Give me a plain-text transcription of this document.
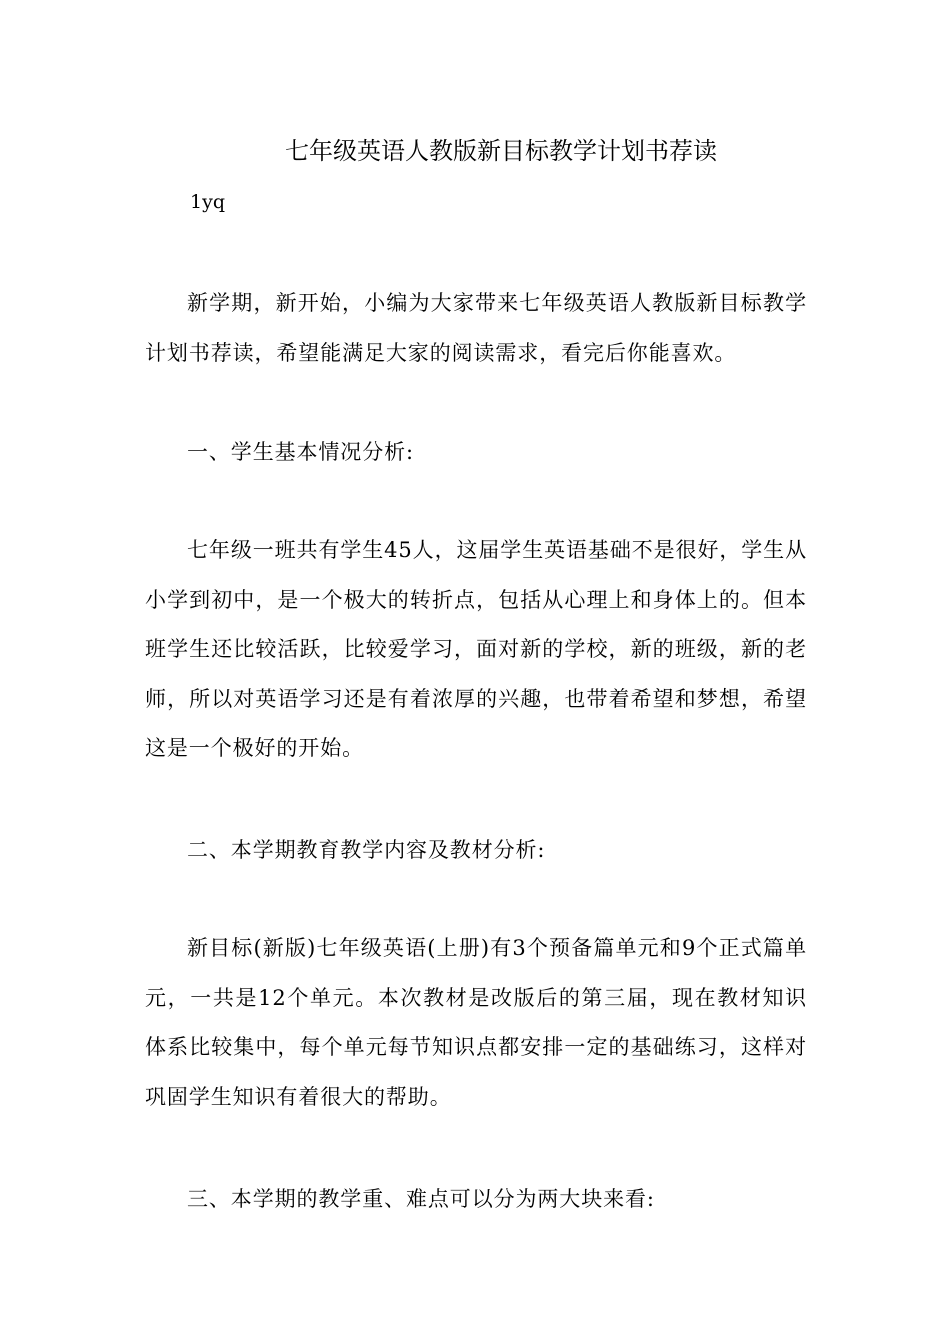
七年级英语人教版新目标教学计划书荐读
1yq

新学期，新开始，小编为大家带来七年级英语人教版新目标教学计划书荐读，希望能满足大家的阅读需求，看完后你能喜欢。

一、学生基本情况分析:

七年级一班共有学生45人，这届学生英语基础不是很好，学生从小学到初中，是一个极大的转折点，包括从心理上和身体上的。但本班学生还比较活跃，比较爱学习，面对新的学校，新的班级，新的老师，所以对英语学习还是有着浓厚的兴趣，也带着希望和梦想，希望这是一个极好的开始。

二、本学期教育教学内容及教材分析:

新目标(新版)七年级英语(上册)有3个预备篇单元和9个正式篇单元，一共是12个单元。本次教材是改版后的第三届，现在教材知识体系比较集中，每个单元每节知识点都安排一定的基础练习，这样对巩固学生知识有着很大的帮助。

三、本学期的教学重、难点可以分为两大块来看:
